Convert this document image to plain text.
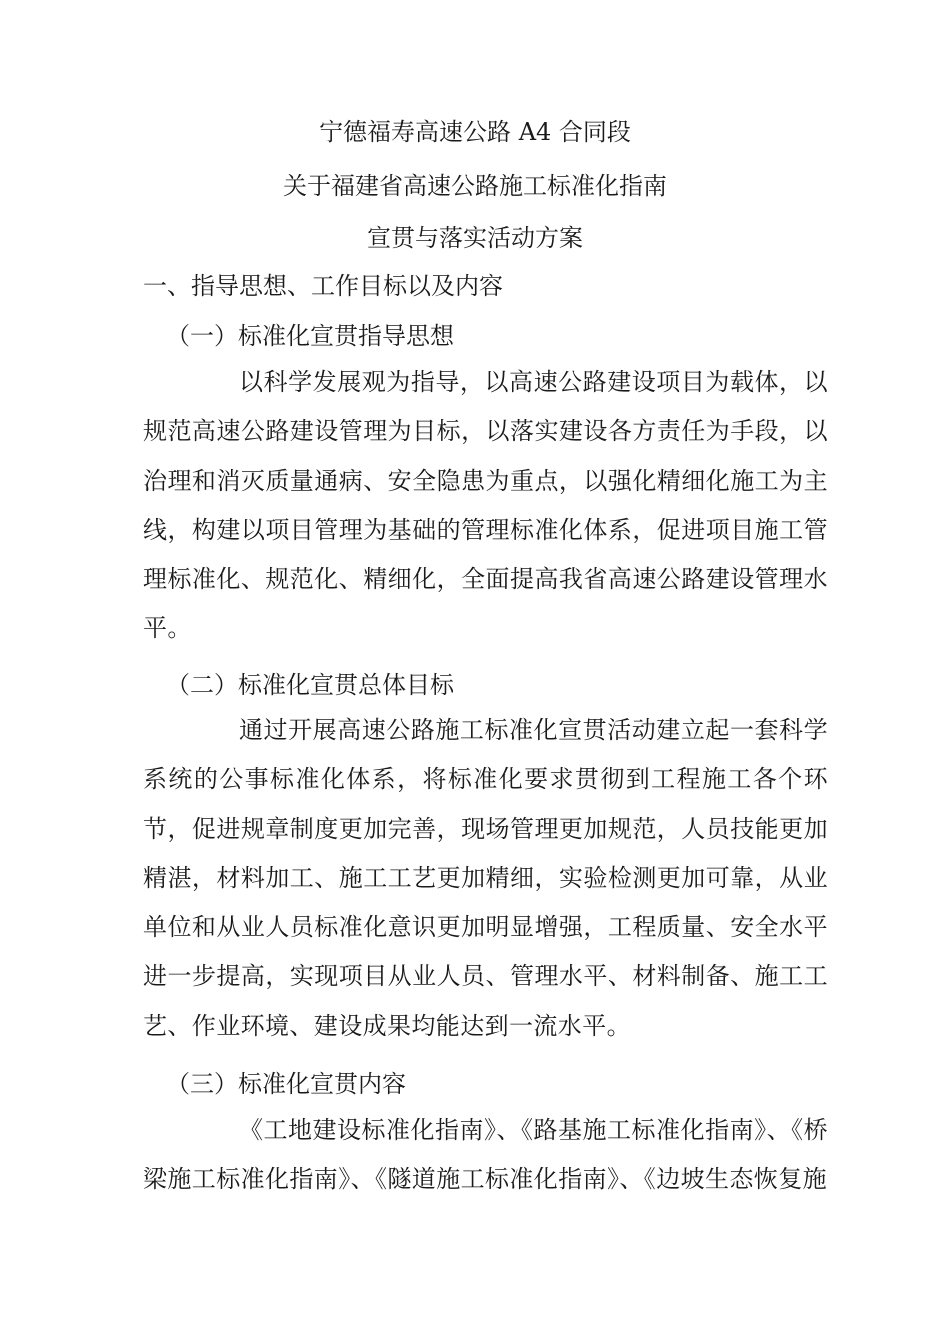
宁德福寿高速公路 A4 合同段
关于福建省高速公路施工标准化指南
宣贯与落实活动方案
一、指导思想、工作目标以及内容
（一）标准化宣贯指导思想
以科学发展观为指导，以高速公路建设项目为载体，以规范高速公路建设管理为目标，以落实建设各方责任为手段，以治理和消灭质量通病、安全隐患为重点，以强化精细化施工为主线，构建以项目管理为基础的管理标准化体系，促进项目施工管理标准化、规范化、精细化，全面提高我省高速公路建设管理水平。
（二）标准化宣贯总体目标
通过开展高速公路施工标准化宣贯活动建立起一套科学系统的公事标准化体系，将标准化要求贯彻到工程施工各个环节，促进规章制度更加完善，现场管理更加规范，人员技能更加精湛，材料加工、施工工艺更加精细，实验检测更加可靠，从业单位和从业人员标准化意识更加明显增强，工程质量、安全水平进一步提高，实现项目从业人员、管理水平、材料制备、施工工艺、作业环境、建设成果均能达到一流水平。
（三）标准化宣贯内容
《工地建设标准化指南》、《路基施工标准化指南》、《桥梁施工标准化指南》、《隧道施工标准化指南》、《边坡生态恢复施
